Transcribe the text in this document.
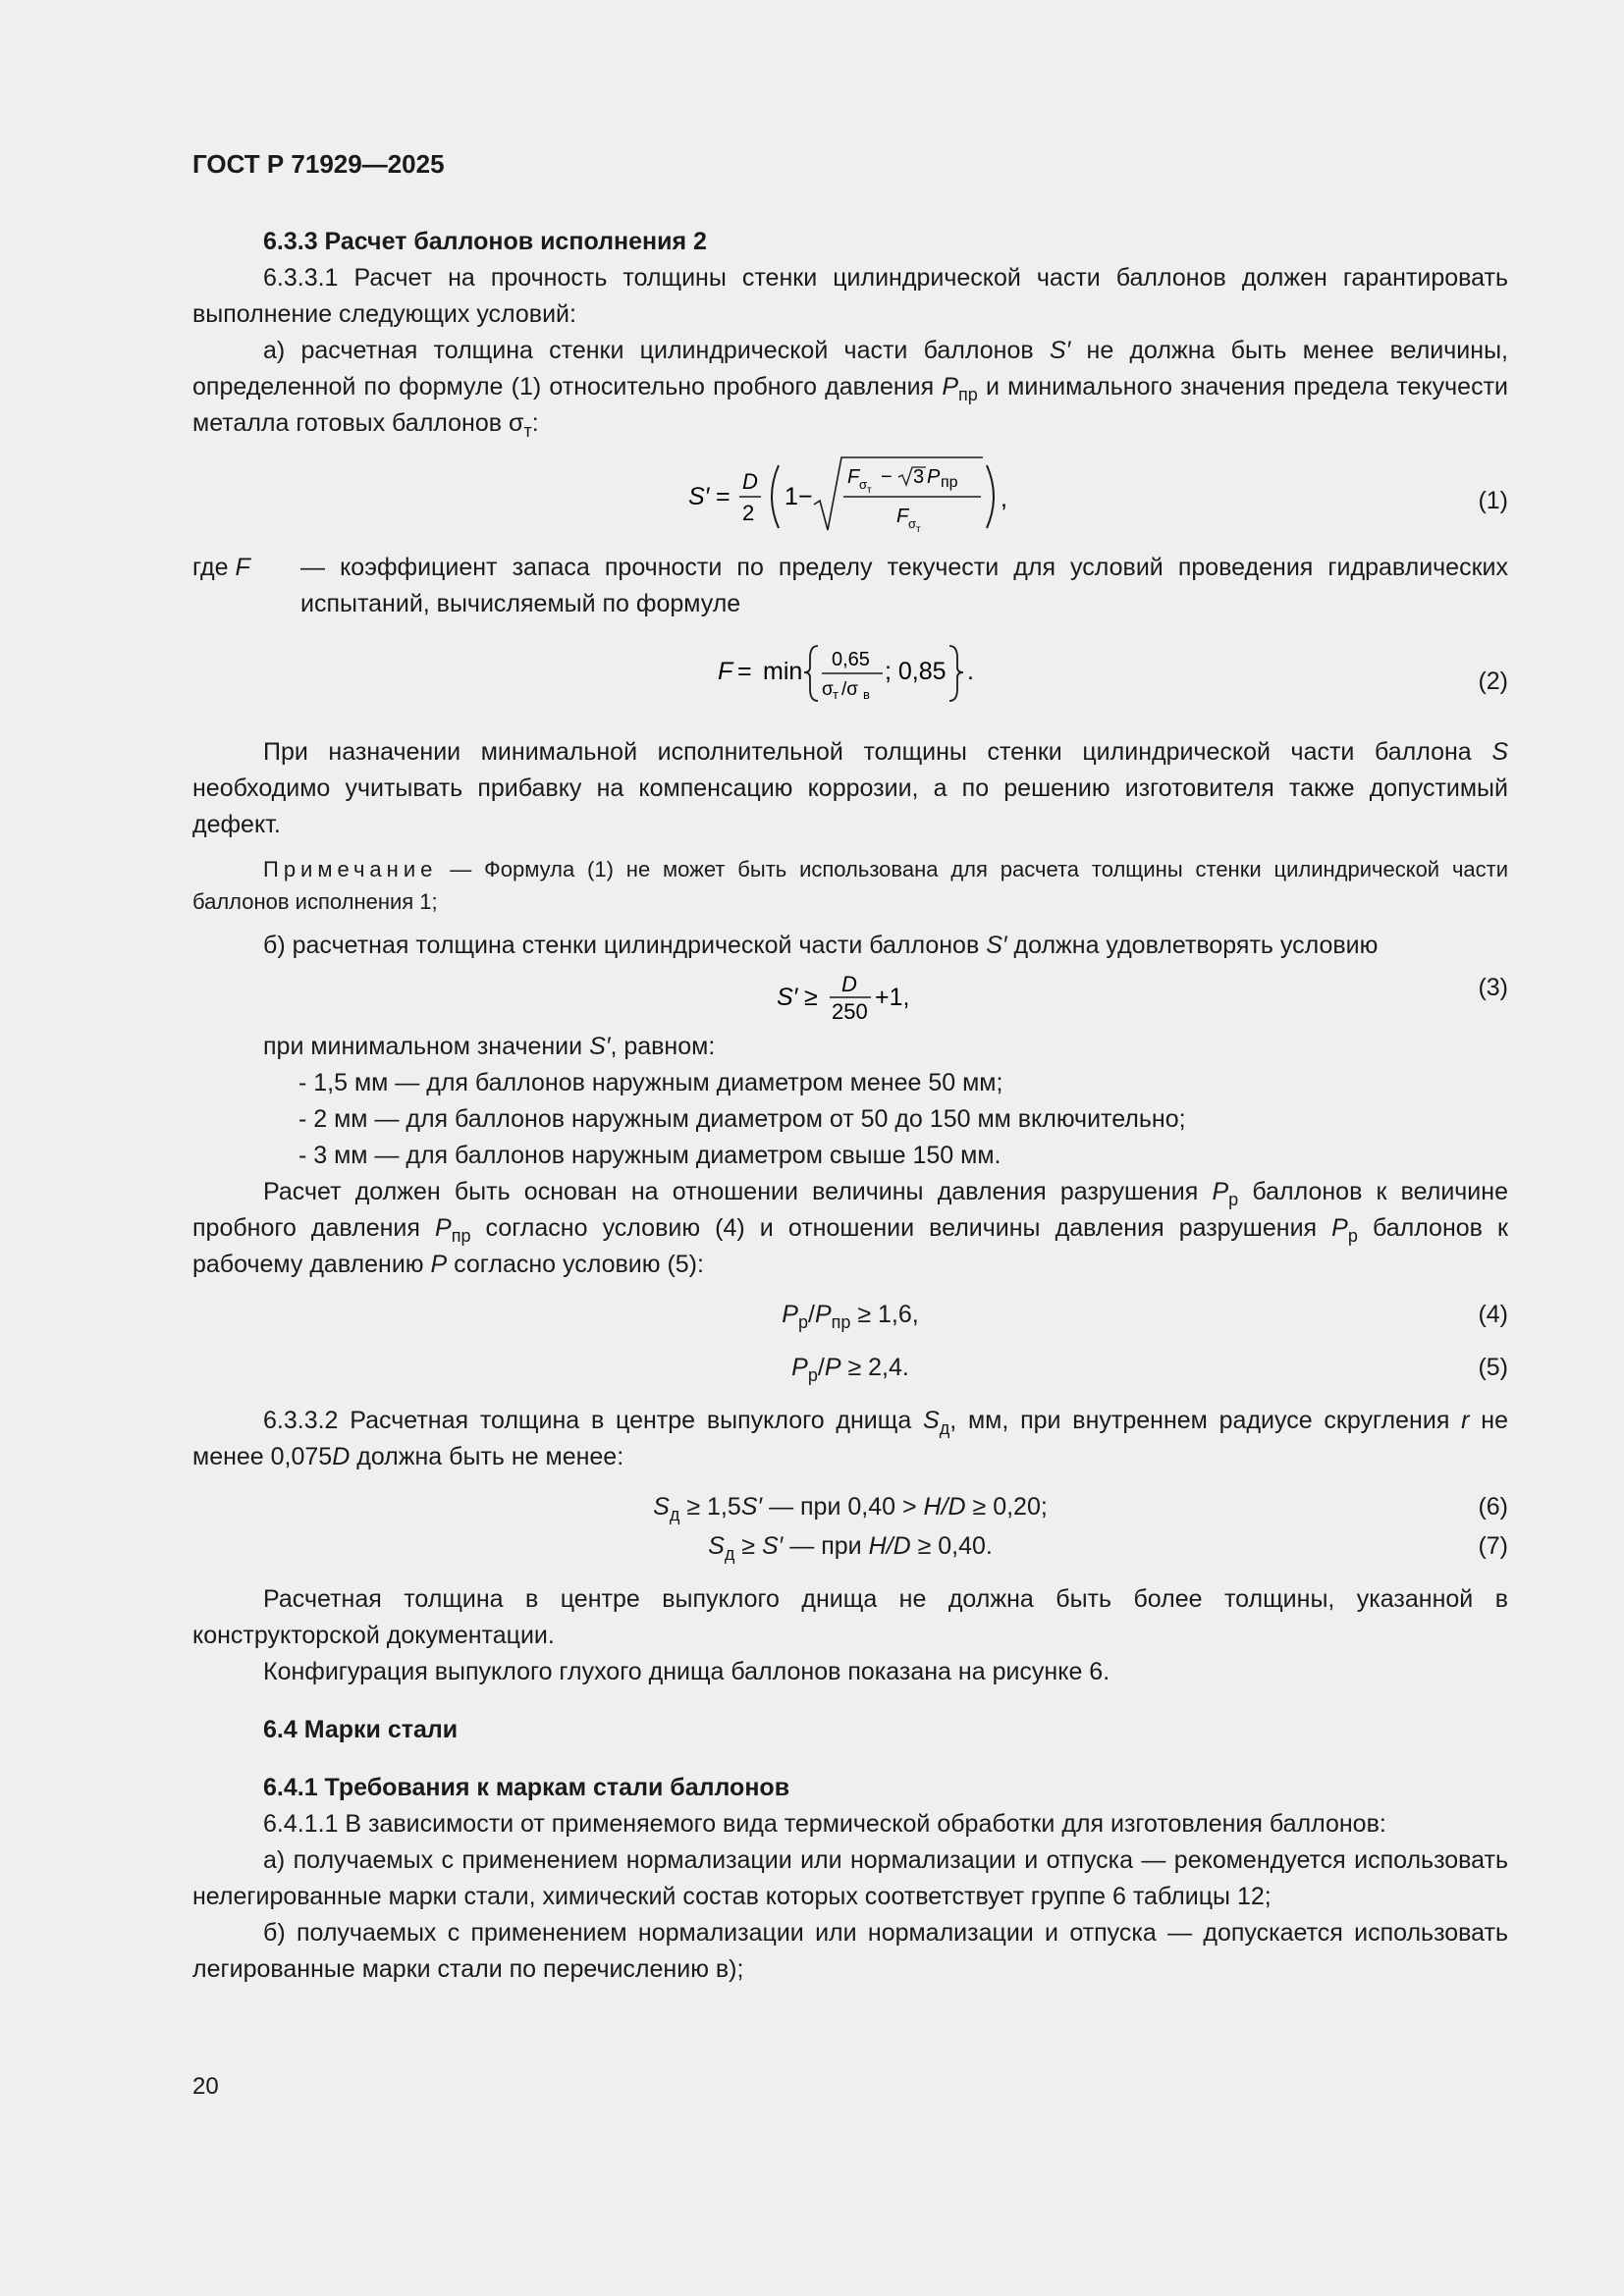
ГОСТ Р 71929—2025

6.3.3 Расчет баллонов исполнения 2

6.3.3.1 Расчет на прочность толщины стенки цилиндрической части баллонов должен гарантировать выполнение следующих условий:

а) расчетная толщина стенки цилиндрической части баллонов S′ не должна быть менее величины, определенной по формуле (1) относительно пробного давления $P_{пр}$ и минимального значения предела текучести металла готовых баллонов $\sigma_т$:

S′ =
D
2
1−
F σ т
− 3 P пр
F σ т
,	(1)

где F — коэффициент запаса прочности по пределу текучести для условий проведения гидравлических испытаний, вычисляемый по формуле

F = min 0,65
σ т /σ в
; 0,85 .	(2)

При назначении минимальной исполнительной толщины стенки цилиндрической части баллона S необходимо учитывать прибавку на компенсацию коррозии, а по решению изготовителя также допустимый дефект.

Примечание — Формула (1) не может быть использована для расчета толщины стенки цилиндрической части баллонов исполнения 1;

б) расчетная толщина стенки цилиндрической части баллонов S′ должна удовлетворять условию

S′ ≥ D
250
+1,	(3)

при минимальном значении S′, равном:

- 1,5 мм — для баллонов наружным диаметром менее 50 мм;

- 2 мм — для баллонов наружным диаметром от 50 до 150 мм включительно;

- 3 мм — для баллонов наружным диаметром свыше 150 мм.

Расчет должен быть основан на отношении величины давления разрушения $P_р$ баллонов к величине пробного давления $P_{пр}$ согласно условию (4) и отношении величины давления разрушения $P_р$ баллонов к рабочему давлению P согласно условию (5):

$P_р/P_{пр} \ge 1,6$,	(4)
$P_р/P \ge 2,4$.	(5)

6.3.3.2 Расчетная толщина в центре выпуклого днища $S_д$, мм, при внутреннем радиусе скругления r не менее 0,075D должна быть не менее:

$S_д \ge 1,5S'$ — при 0,40 > H/D ≥ 0,20;	(6)
$S_д \ge S'$ — при H/D ≥ 0,40.	(7)

Расчетная толщина в центре выпуклого днища не должна быть более толщины, указанной в конструкторской документации.

Конфигурация выпуклого глухого днища баллонов показана на рисунке 6.

6.4 Марки стали

6.4.1 Требования к маркам стали баллонов

6.4.1.1 В зависимости от применяемого вида термической обработки для изготовления баллонов:

а) получаемых с применением нормализации или нормализации и отпуска — рекомендуется использовать нелегированные марки стали, химический состав которых соответствует группе 6 таблицы 12;

б) получаемых с применением нормализации или нормализации и отпуска — допускается использовать легированные марки стали по перечислению в);

20
